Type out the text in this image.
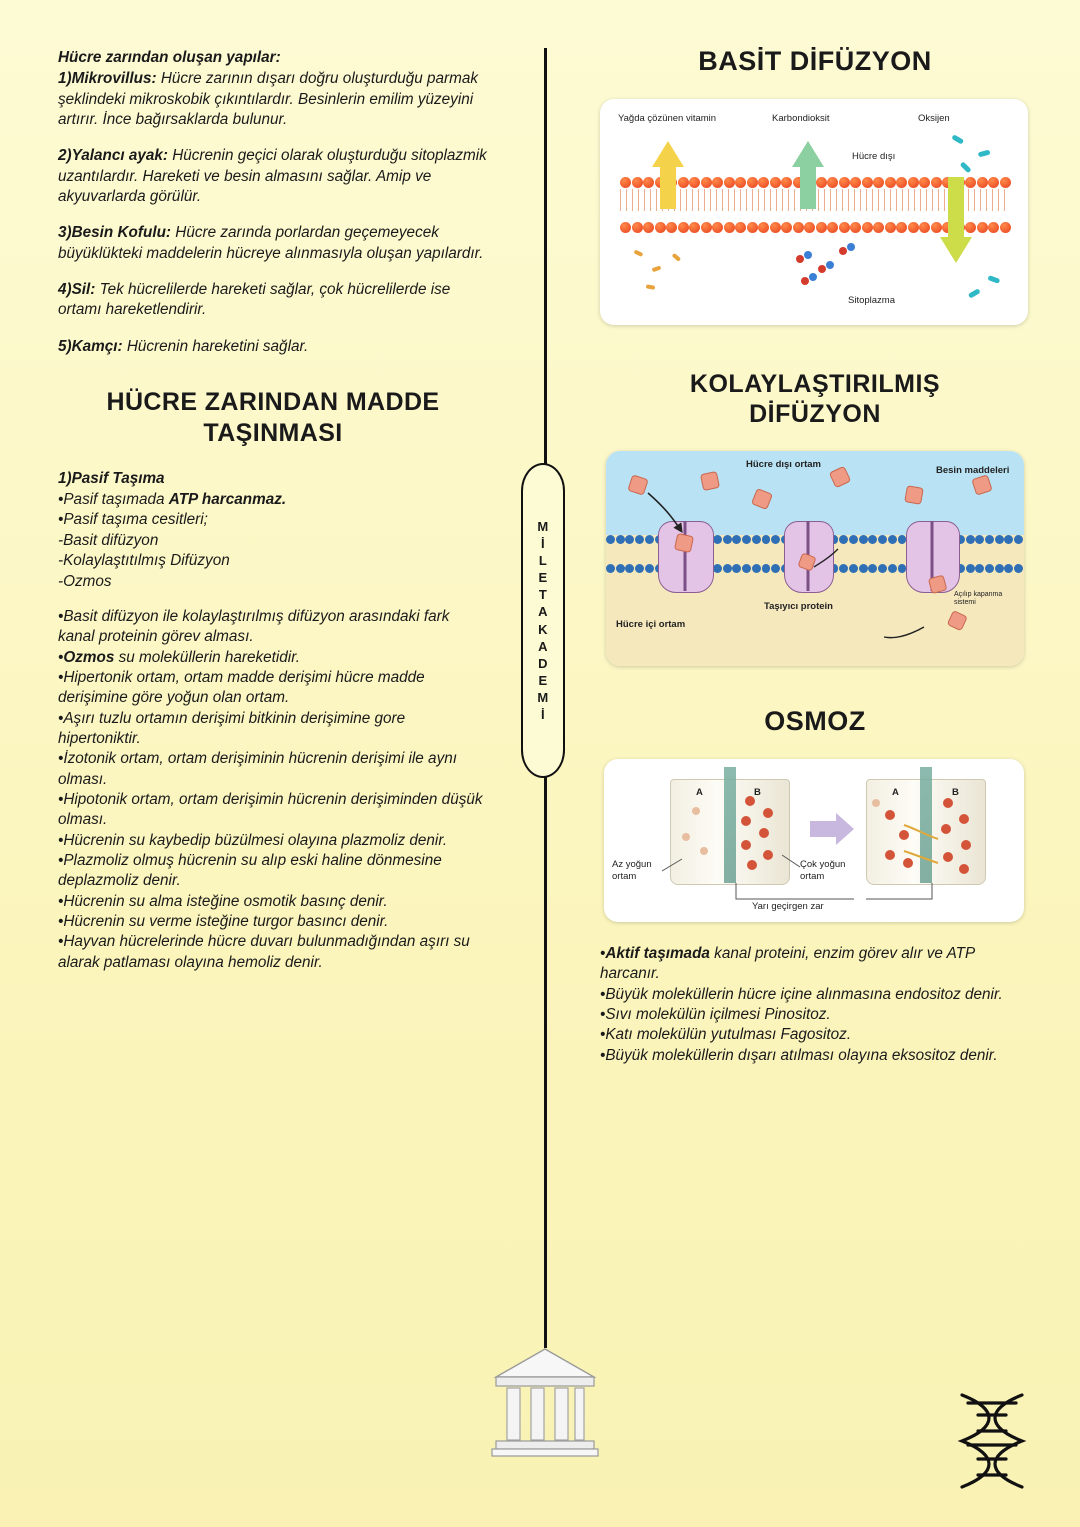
Hücre zarından oluşan yapılar:

1)Mikrovillus: Hücre zarının dışarı doğru oluşturduğu parmak şeklindeki mikroskobik çıkıntılardır. Besinlerin emilim yüzeyini artırır. İnce bağırsaklarda bulunur.

2)Yalancı ayak: Hücrenin geçici olarak oluşturduğu sitoplazmik uzantılardır. Hareketi ve besin almasını sağlar. Amip ve akyuvarlarda görülür.

3)Besin Kofulu: Hücre zarında porlardan geçemeyecek büyüklükteki maddelerin hücreye alınmasıyla oluşan yapılardır.

4)Sil: Tek hücrelilerde hareketi sağlar, çok hücrelilerde ise ortamı hareketlendirir.

5)Kamçı: Hücrenin hareketini sağlar.

HÜCRE ZARINDAN MADDE
TAŞINMASI
1)Pasif Taşıma

•Pasif taşımada ATP harcanmaz.

•Pasif taşıma cesitleri;

-Basit difüzyon

-Kolaylaştıtılmış Difüzyon

-Ozmos

•Basit difüzyon ile kolaylaştırılmış difüzyon arasındaki fark kanal proteinin görev alması.

•Ozmos su moleküllerin hareketidir.

•Hipertonik ortam, ortam madde derişimi hücre madde derişimine göre yoğun olan ortam.

•Aşırı tuzlu ortamın derişimi bitkinin derişimine gore hipertoniktir.

•İzotonik ortam, ortam derişiminin hücrenin derişimi ile aynı olması.

•Hipotonik ortam, ortam derişimin hücrenin derişiminden düşük olması.

•Hücrenin su kaybedip büzülmesi olayına plazmoliz denir.

•Plazmoliz olmuş hücrenin su alıp eski haline dönmesine deplazmoliz denir.

•Hücrenin su alma isteğine osmotik basınç denir.

•Hücrenin su verme isteğine turgor basıncı denir.

•Hayvan hücrelerinde hücre duvarı bulunmadığından aşırı su alarak patlaması olayına hemoliz denir.

M
İ
L
E
T
A
K
A
D
E
M
İ
BASİT DİFÜZYON
Yağda çözünen vitamin	Karbondioksit	Oksijen
Hücre dışı
Sitoplazma
KOLAYLAŞTIRILMIŞ
DİFÜZYON
Hücre dışı ortam
Besin maddeleri
Taşıyıcı protein
Hücre içi ortam
Açılıp kapanma sistemi
OSMOZ
A	B	A	B
Az yoğun ortam
Çok yoğun ortam
Yarı geçirgen zar

•Aktif taşımada kanal proteini, enzim görev alır ve ATP harcanır.

•Büyük moleküllerin hücre içine alınmasına endositoz denir.

•Sıvı molekülün içilmesi Pinositoz.

•Katı molekülün yutulması Fagositoz.

•Büyük moleküllerin dışarı atılması olayına eksositoz denir.
